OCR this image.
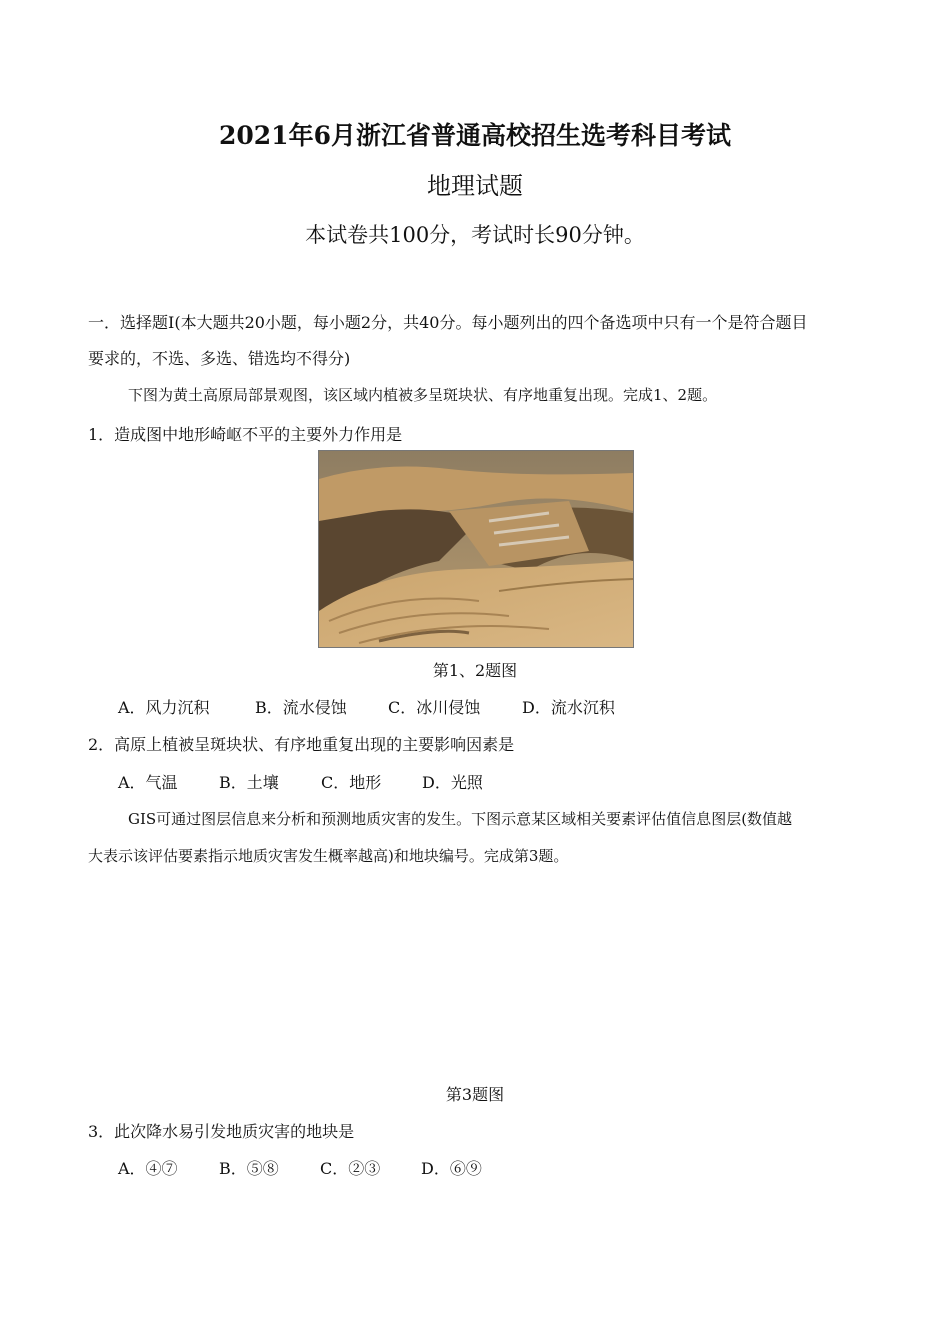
2021年6月浙江省普通高校招生选考科目考试
地理试题
本试卷共100分，考试时长90分钟。
一．选择题Ⅰ(本大题共20小题，每小题2分，共40分。每小题列出的四个备选项中只有一个是符合题目
要求的，不选、多选、错选均不得分)
下图为黄土高原局部景观图，该区域内植被多呈斑块状、有序地重复出现。完成1、2题。
1．造成图中地形崎岖不平的主要外力作用是
第1、2题图
A．风力沉积	B．流水侵蚀	C．冰川侵蚀	D．流水沉积
2．高原上植被呈斑块状、有序地重复出现的主要影响因素是
A．气温	B．土壤	C．地形	D．光照
GIS可通过图层信息来分析和预测地质灾害的发生。下图示意某区域相关要素评估值信息图层(数值越
大表示该评估要素指示地质灾害发生概率越高)和地块编号。完成第3题。
第3题图
3．此次降水易引发地质灾害的地块是
A．④⑦	B．⑤⑧	C．②③	D．⑥⑨
